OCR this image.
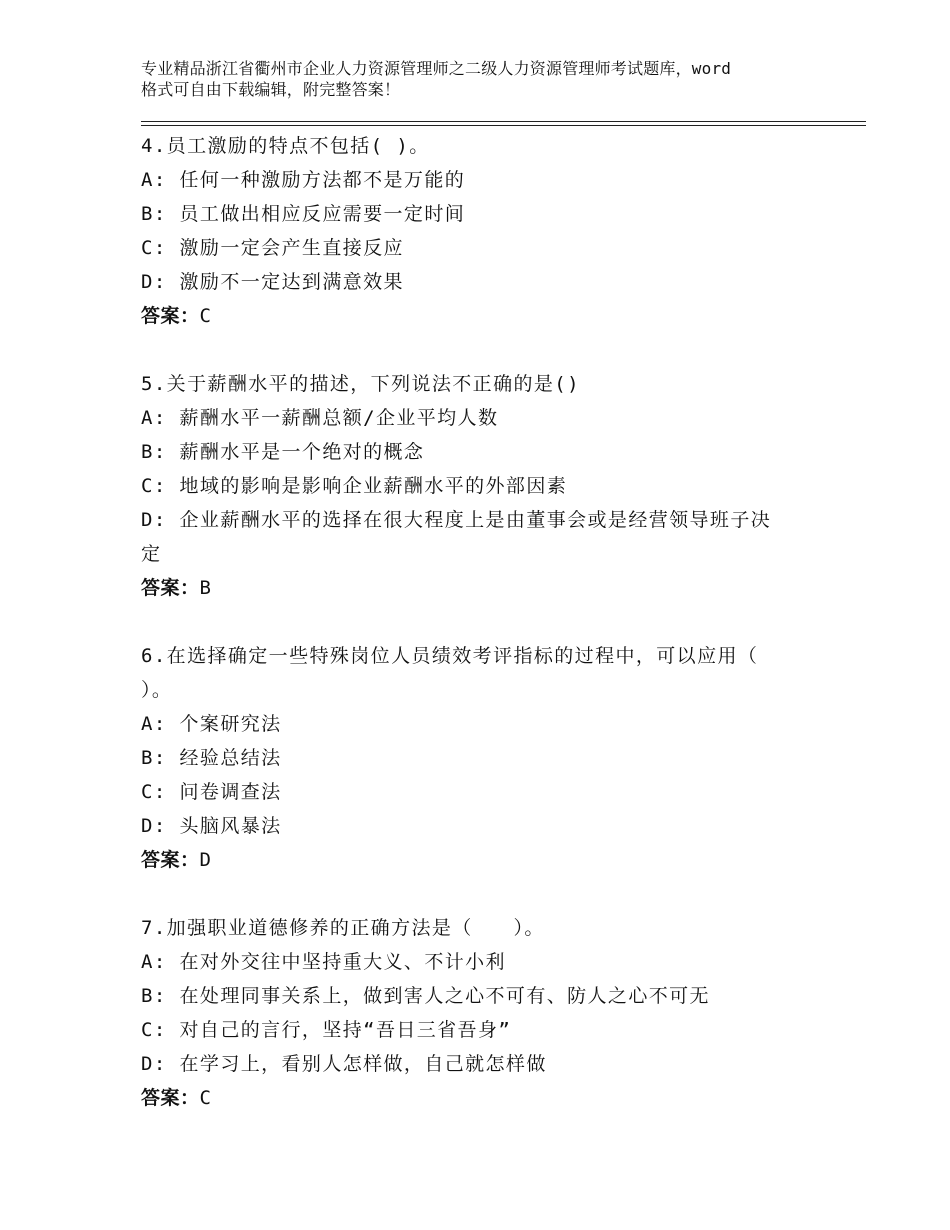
专业精品浙江省衢州市企业人力资源管理师之二级人力资源管理师考试题库，word
格式可自由下载编辑，附完整答案！
4.员工激励的特点不包括( )。
A: 任何一种激励方法都不是万能的
B: 员工做出相应反应需要一定时间
C: 激励一定会产生直接反应
D: 激励不一定达到满意效果
答案：C
5.关于薪酬水平的描述，下列说法不正确的是()
A: 薪酬水平一薪酬总额/企业平均人数
B: 薪酬水平是一个绝对的概念
C: 地域的影响是影响企业薪酬水平的外部因素
D: 企业薪酬水平的选择在很大程度上是由董事会或是经营领导班子决
定
答案：B
6.在选择确定一些特殊岗位人员绩效考评指标的过程中，可以应用（
）。
A: 个案研究法
B: 经验总结法
C: 问卷调查法
D: 头脑风暴法
答案：D
7.加强职业道德修养的正确方法是（　　）。
A: 在对外交往中坚持重大义、不计小利
B: 在处理同事关系上，做到害人之心不可有、防人之心不可无
C: 对自己的言行，坚持“吾日三省吾身”
D: 在学习上，看别人怎样做，自己就怎样做
答案：C
